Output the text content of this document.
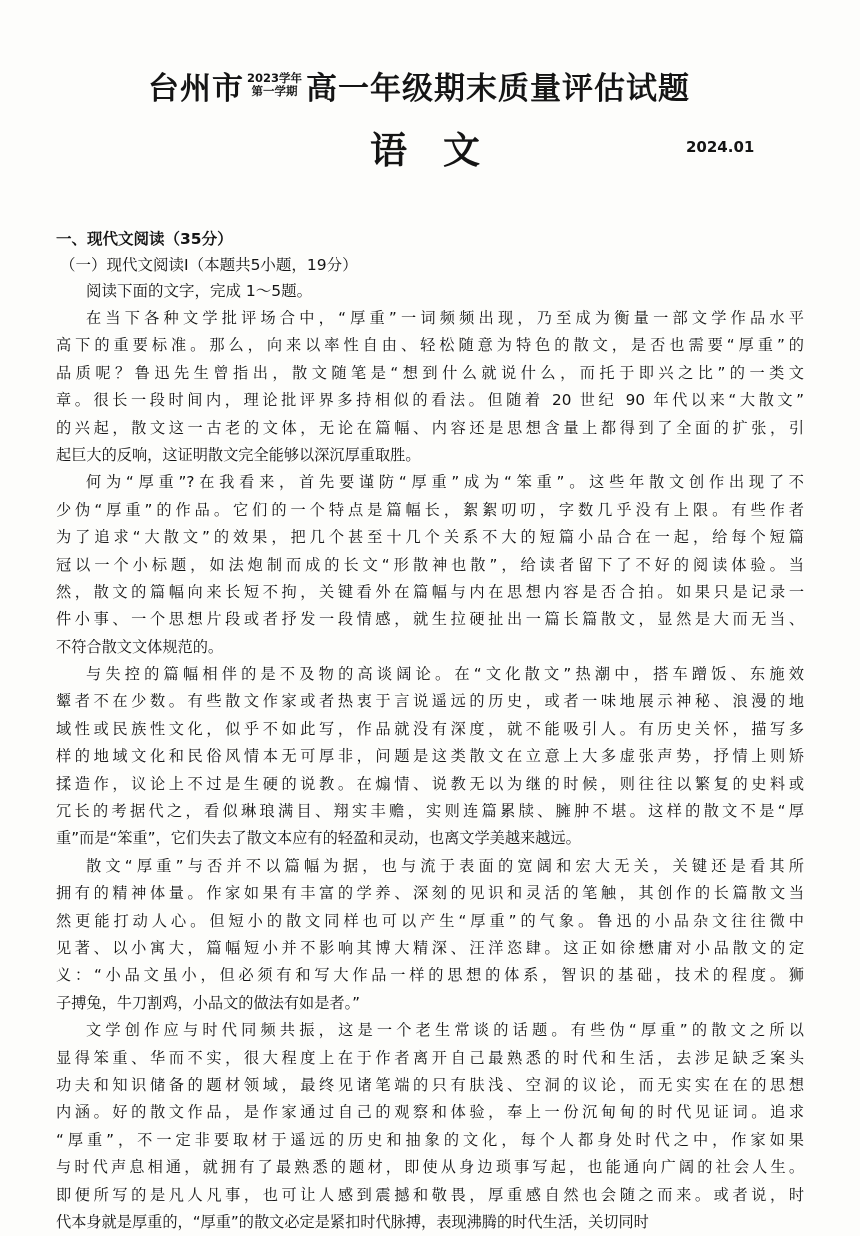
台州市 2023学年
第一学期 高一年级期末质量评估试题
语文	2024.01
一、现代文阅读（35分）
（一）现代文阅读Ⅰ（本题共5小题，19分）
阅读下面的文字，完成 1～5题。
在当下各种文学批评场合中，“厚重”一词频频出现，乃至成为衡量一部文学作品水平
高下的重要标准。那么，向来以率性自由、轻松随意为特色的散文，是否也需要“厚重”的
品质呢？鲁迅先生曾指出，散文随笔是“想到什么就说什么，而托于即兴之比”的一类文
章。很长一段时间内，理论批评界多持相似的看法。但随着 20 世纪 90 年代以来“大散文”
的兴起，散文这一古老的文体，无论在篇幅、内容还是思想含量上都得到了全面的扩张，引
起巨大的反响，这证明散文完全能够以深沉厚重取胜。
何为“厚重”?在我看来，首先要谨防“厚重”成为“笨重”。这些年散文创作出现了不
少伪“厚重”的作品。它们的一个特点是篇幅长，絮絮叨叨，字数几乎没有上限。有些作者
为了追求“大散文”的效果，把几个甚至十几个关系不大的短篇小品合在一起，给每个短篇
冠以一个小标题，如法炮制而成的长文“形散神也散”，给读者留下了不好的阅读体验。当
然，散文的篇幅向来长短不拘，关键看外在篇幅与内在思想内容是否合拍。如果只是记录一
件小事、一个思想片段或者抒发一段情感，就生拉硬扯出一篇长篇散文，显然是大而无当、
不符合散文文体规范的。
与失控的篇幅相伴的是不及物的高谈阔论。在“文化散文”热潮中，搭车蹭饭、东施效
颦者不在少数。有些散文作家或者热衷于言说遥远的历史，或者一味地展示神秘、浪漫的地
域性或民族性文化，似乎不如此写，作品就没有深度，就不能吸引人。有历史关怀，描写多
样的地域文化和民俗风情本无可厚非，问题是这类散文在立意上大多虚张声势，抒情上则矫
揉造作，议论上不过是生硬的说教。在煽情、说教无以为继的时候，则往往以繁复的史料或
冗长的考据代之，看似琳琅满目、翔实丰赡，实则连篇累牍、臃肿不堪。这样的散文不是“厚
重”而是“笨重”，它们失去了散文本应有的轻盈和灵动，也离文学美越来越远。
散文“厚重”与否并不以篇幅为据，也与流于表面的宽阔和宏大无关，关键还是看其所
拥有的精神体量。作家如果有丰富的学养、深刻的见识和灵活的笔触，其创作的长篇散文当
然更能打动人心。但短小的散文同样也可以产生“厚重”的气象。鲁迅的小品杂文往往微中
见著、以小寓大，篇幅短小并不影响其博大精深、汪洋恣肆。这正如徐懋庸对小品散文的定
义：“小品文虽小，但必须有和写大作品一样的思想的体系，智识的基础，技术的程度。狮
子搏兔，牛刀割鸡，小品文的做法有如是者。”
文学创作应与时代同频共振，这是一个老生常谈的话题。有些伪“厚重”的散文之所以
显得笨重、华而不实，很大程度上在于作者离开自己最熟悉的时代和生活，去涉足缺乏案头
功夫和知识储备的题材领域，最终见诸笔端的只有肤浅、空洞的议论，而无实实在在的思想
内涵。好的散文作品，是作家通过自己的观察和体验，奉上一份沉甸甸的时代见证词。追求
“厚重”，不一定非要取材于遥远的历史和抽象的文化，每个人都身处时代之中，作家如果
与时代声息相通，就拥有了最熟悉的题材，即使从身边琐事写起，也能通向广阔的社会人生。
即便所写的是凡人凡事，也可让人感到震撼和敬畏，厚重感自然也会随之而来。或者说，时
代本身就是厚重的，“厚重”的散文必定是紧扣时代脉搏，表现沸腾的时代生活，关切同时
